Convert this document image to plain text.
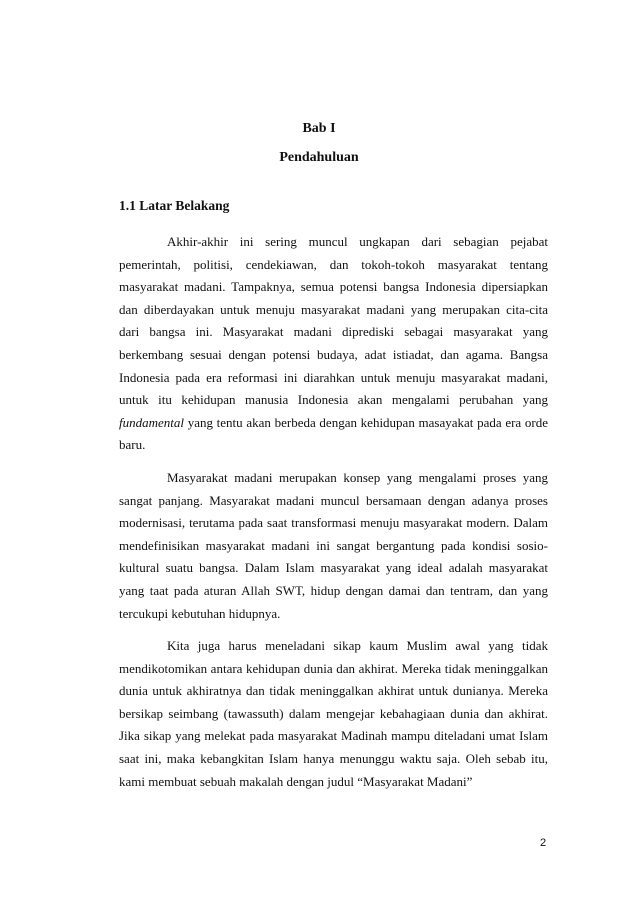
Bab I
Pendahuluan
1.1 Latar Belakang

Akhir-akhir ini sering muncul ungkapan dari sebagian pejabat pemerintah, politisi, cendekiawan, dan tokoh-tokoh masyarakat tentang masyarakat madani. Tampaknya, semua potensi bangsa Indonesia dipersiapkan dan diberdayakan untuk menuju masyarakat madani yang merupakan cita-cita dari bangsa ini. Masyarakat madani diprediski sebagai masyarakat yang berkembang sesuai dengan potensi budaya, adat istiadat, dan agama. Bangsa Indonesia pada era reformasi ini diarahkan untuk menuju masyarakat madani, untuk itu kehidupan manusia Indonesia akan mengalami perubahan yang fundamental yang tentu akan berbeda dengan kehidupan masayakat pada era orde baru.

Masyarakat madani merupakan konsep yang mengalami proses yang sangat panjang. Masyarakat madani muncul bersamaan dengan adanya proses modernisasi, terutama pada saat transformasi menuju masyarakat modern. Dalam mendefinisikan masyarakat madani ini sangat bergantung pada kondisi sosio-kultural suatu bangsa. Dalam Islam masyarakat yang ideal adalah masyarakat yang taat pada aturan Allah SWT, hidup dengan damai dan tentram, dan yang tercukupi kebutuhan hidupnya.

Kita juga harus meneladani sikap kaum Muslim awal yang tidak mendikotomikan antara kehidupan dunia dan akhirat. Mereka tidak meninggalkan dunia untuk akhiratnya dan tidak meninggalkan akhirat untuk dunianya. Mereka bersikap seimbang (tawassuth) dalam mengejar kebahagiaan dunia dan akhirat. Jika sikap yang melekat pada masyarakat Madinah mampu diteladani umat Islam saat ini, maka kebangkitan Islam hanya menunggu waktu saja. Oleh sebab itu, kami membuat sebuah makalah dengan judul “Masyarakat Madani”

2
